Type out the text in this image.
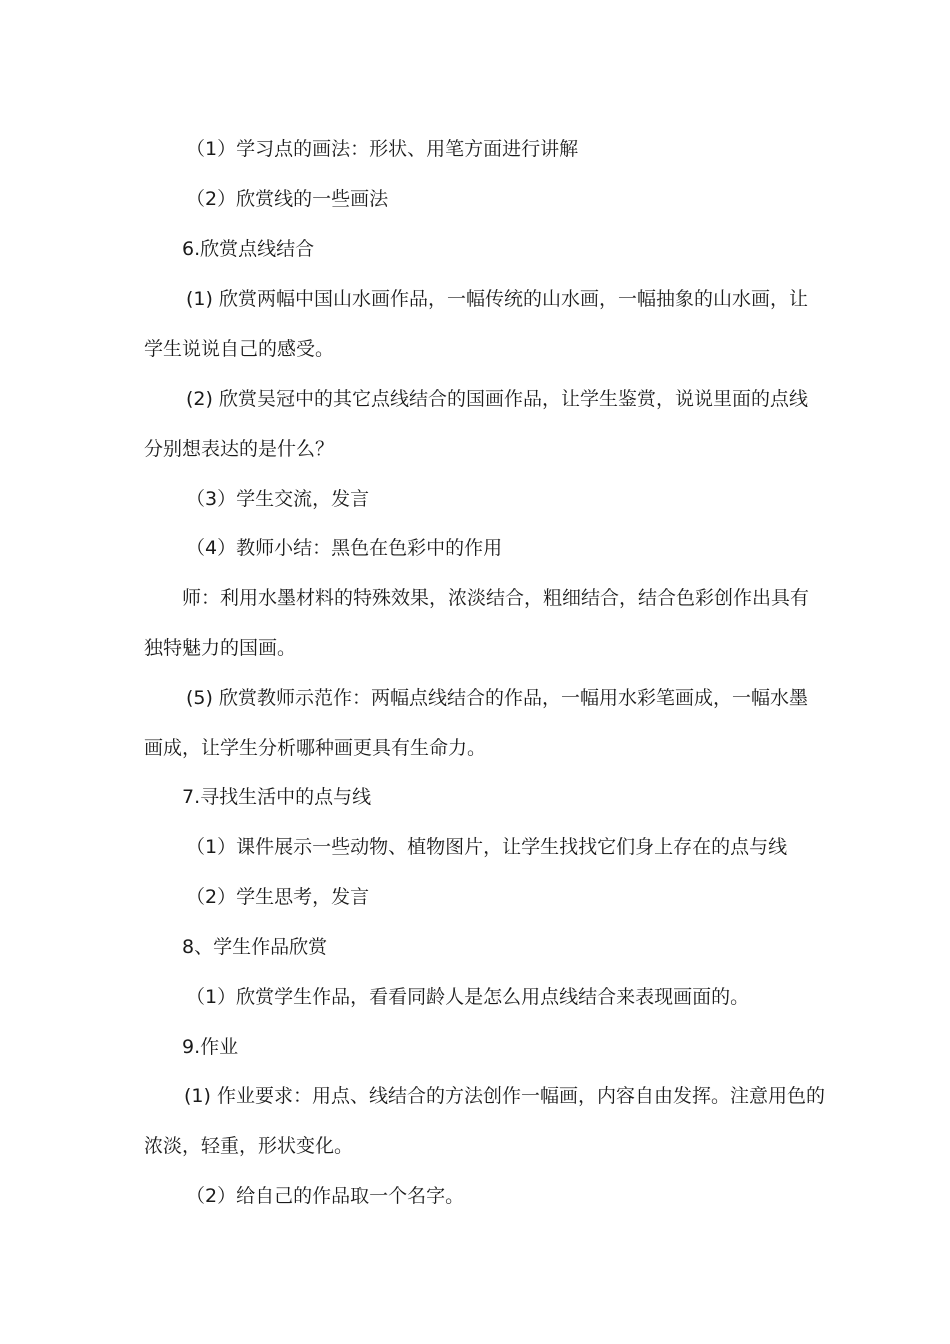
（1）学习点的画法：形状、用笔方面进行讲解
（2）欣赏线的一些画法
6.欣赏点线结合
(1) 欣赏两幅中国山水画作品，一幅传统的山水画，一幅抽象的山水画，让
学生说说自己的感受。
(2) 欣赏吴冠中的其它点线结合的国画作品，让学生鉴赏，说说里面的点线
分别想表达的是什么？
（3）学生交流，发言
（4）教师小结：黑色在色彩中的作用
师：利用水墨材料的特殊效果，浓淡结合，粗细结合，结合色彩创作出具有
独特魅力的国画。
(5) 欣赏教师示范作：两幅点线结合的作品，一幅用水彩笔画成，一幅水墨
画成，让学生分析哪种画更具有生命力。
7.寻找生活中的点与线
（1）课件展示一些动物、植物图片，让学生找找它们身上存在的点与线
（2）学生思考，发言
8、学生作品欣赏
（1）欣赏学生作品，看看同龄人是怎么用点线结合来表现画面的。
9.作业
(1) 作业要求：用点、线结合的方法创作一幅画，内容自由发挥。注意用色的
浓淡，轻重，形状变化。
（2）给自己的作品取一个名字。
